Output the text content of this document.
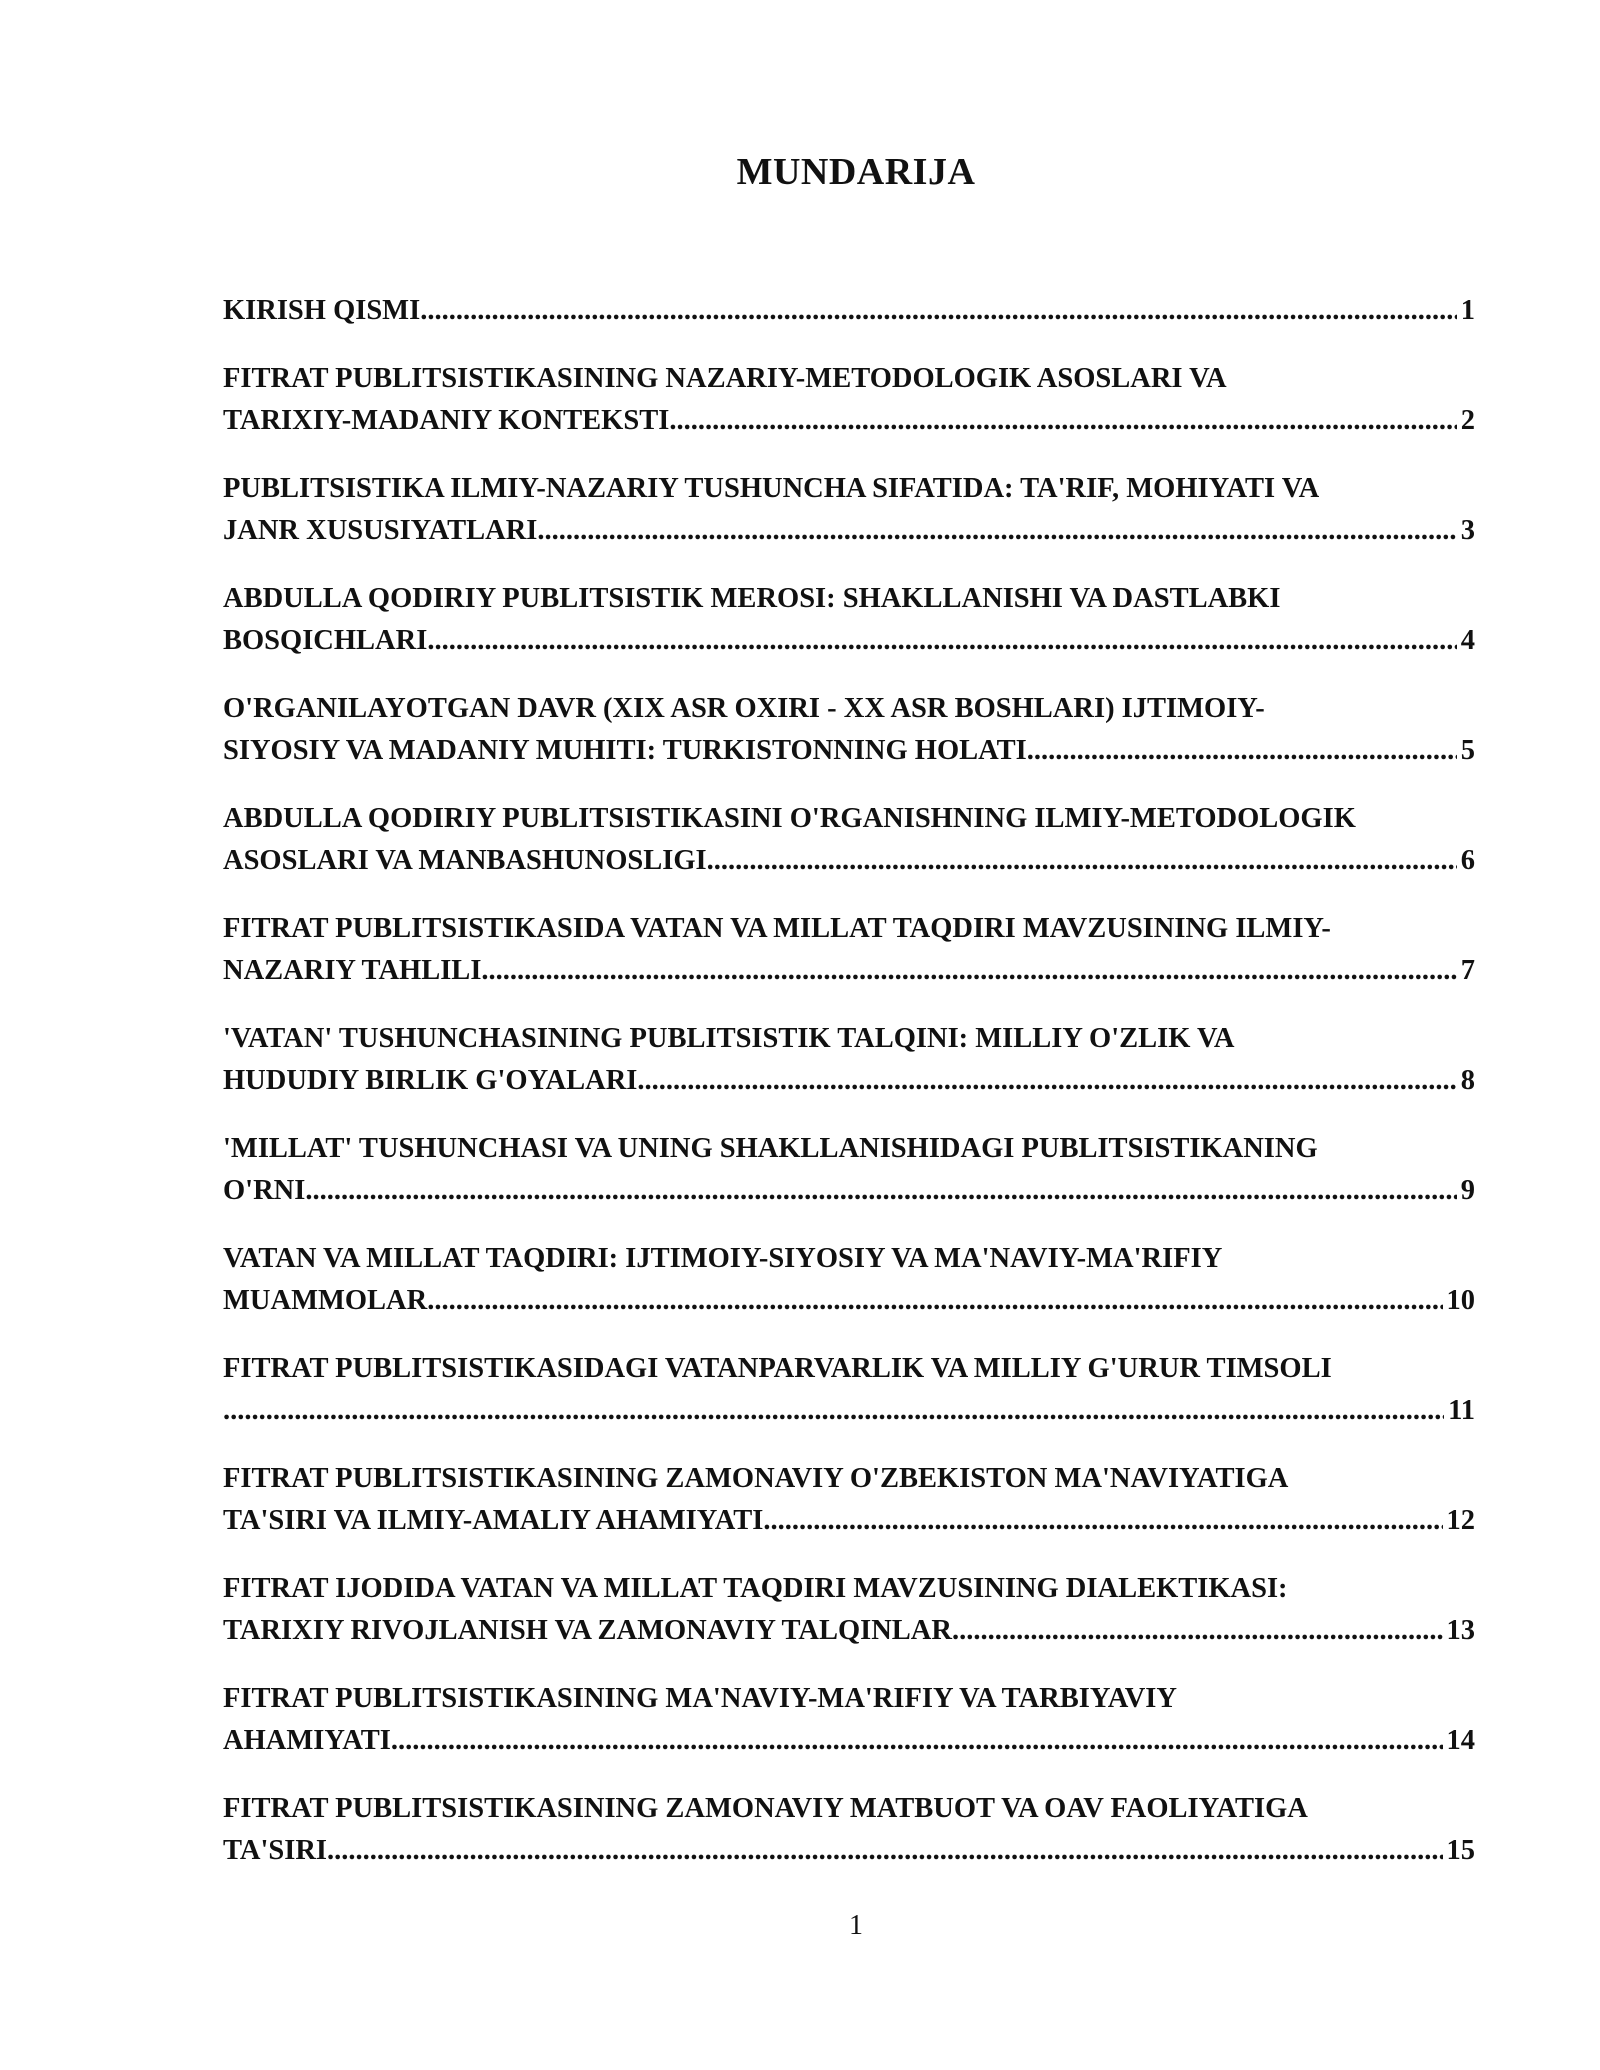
MUNDARIJA
KIRISH QISMI .....	1
FITRAT PUBLITSISTIKASINING NAZARIY-METODOLOGIK ASOSLARI VA
TARIXIY-MADANIY KONTEKSTI .....	2
PUBLITSISTIKA ILMIY-NAZARIY TUSHUNCHA SIFATIDA: TA'RIF, MOHIYATI VA
JANR XUSUSIYATLARI .....	3
ABDULLA QODIRIY PUBLITSISTIK MEROSI: SHAKLLANISHI VA DASTLABKI
BOSQICHLARI .....	4
O'RGANILAYOTGAN DAVR (XIX ASR OXIRI - XX ASR BOSHLARI) IJTIMOIY-
SIYOSIY VA MADANIY MUHITI: TURKISTONNING HOLATI .....	5
ABDULLA QODIRIY PUBLITSISTIKASINI O'RGANISHNING ILMIY-METODOLOGIK
ASOSLARI VA MANBASHUNOSLIGI .....	6
FITRAT PUBLITSISTIKASIDA VATAN VA MILLAT TAQDIRI MAVZUSINING ILMIY-
NAZARIY TAHLILI .....	7
'VATAN' TUSHUNCHASINING PUBLITSISTIK TALQINI: MILLIY O'ZLIK VA
HUDUDIY BIRLIK G'OYALARI .....	8
'MILLAT' TUSHUNCHASI VA UNING SHAKLLANISHIDAGI PUBLITSISTIKANING
O'RNI .....	9
VATAN VA MILLAT TAQDIRI: IJTIMOIY-SIYOSIY VA MA'NAVIY-MA'RIFIY
MUAMMOLAR .....	10
FITRAT PUBLITSISTIKASIDAGI VATANPARVARLIK VA MILLIY G'URUR TIMSOLI
.....
11
FITRAT PUBLITSISTIKASINING ZAMONAVIY O'ZBEKISTON MA'NAVIYATIGA
TA'SIRI VA ILMIY-AMALIY AHAMIYATI .....	12
FITRAT IJODIDA VATAN VA MILLAT TAQDIRI MAVZUSINING DIALEKTIKASI:
TARIXIY RIVOJLANISH VA ZAMONAVIY TALQINLAR .....	13
FITRAT PUBLITSISTIKASINING MA'NAVIY-MA'RIFIY VA TARBIYAVIY
AHAMIYATI .....	14
FITRAT PUBLITSISTIKASINING ZAMONAVIY MATBUOT VA OAV FAOLIYATIGA
TA'SIRI .....	15
1
